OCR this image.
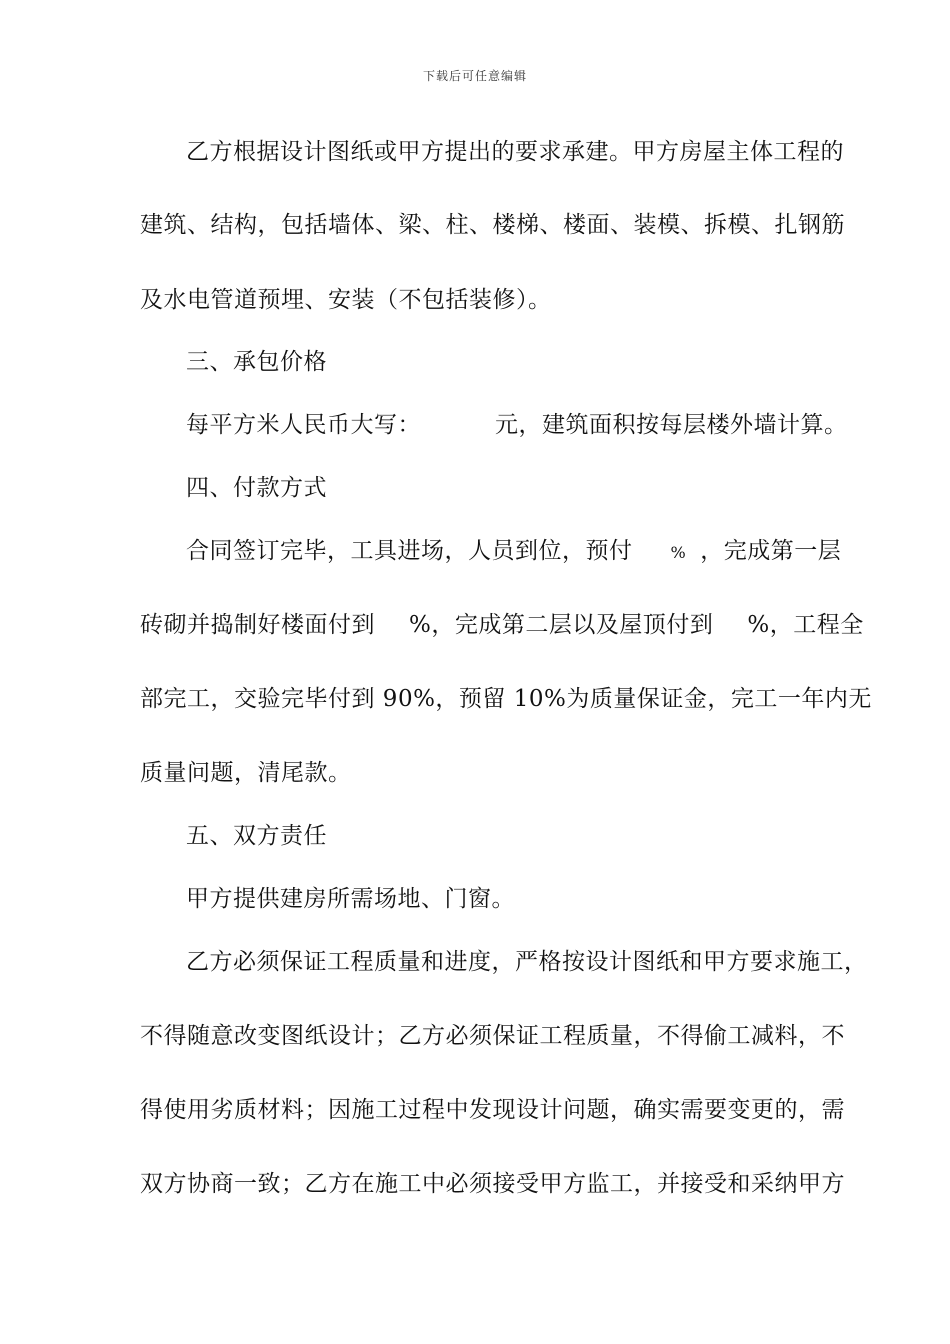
下载后可任意编辑
乙方根据设计图纸或甲方提出的要求承建。甲方房屋主体工程的
建筑、结构，包括墙体、梁、柱、楼梯、楼面、装模、拆模、扎钢筋
及水电管道预埋、安装（不包括装修）。
三、承包价格
每平方米人民币大写：	元，建筑面积按每层楼外墙计算。
四、付款方式
合同签订完毕，工具进场，人员到位，预付 % ，完成第一层
砖砌并捣制好楼面付到 %，完成第二层以及屋顶付到 %，工程全
部完工，交验完毕付到 90%，预留 10%为质量保证金，完工一年内无
质量问题，清尾款。
五、双方责任
甲方提供建房所需场地、门窗。
乙方必须保证工程质量和进度，严格按设计图纸和甲方要求施工，
不得随意改变图纸设计；乙方必须保证工程质量，不得偷工减料，不
得使用劣质材料；因施工过程中发现设计问题，确实需要变更的，需
双方协商一致；乙方在施工中必须接受甲方监工，并接受和采纳甲方
